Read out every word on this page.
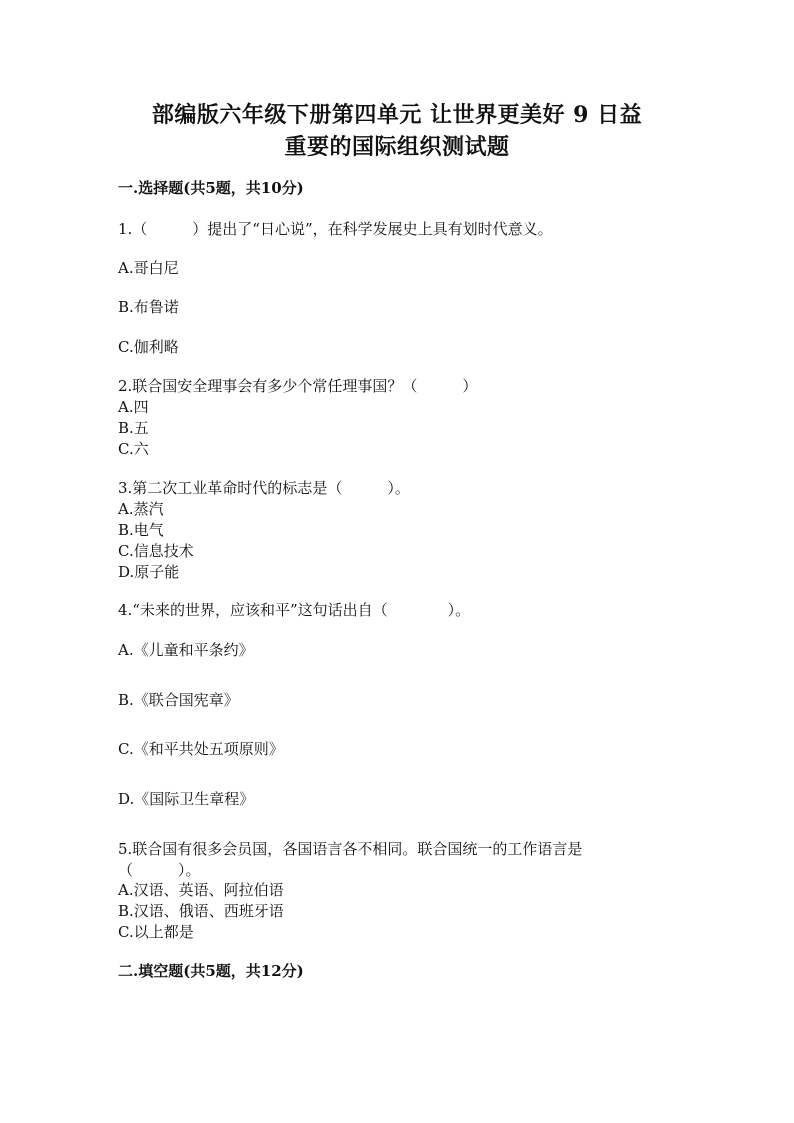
部编版六年级下册第四单元 让世界更美好 9 日益
重要的国际组织测试题
一.选择题(共5题，共10分)
1.（　　　）提出了“日心说”，在科学发展史上具有划时代意义。
A.哥白尼
B.布鲁诺
C.伽利略
2.联合国安全理事会有多少个常任理事国？（　　　）
A.四
B.五
C.六
3.第二次工业革命时代的标志是（　　　）。
A.蒸汽
B.电气
C.信息技术
D.原子能
4.“未来的世界，应该和平”这句话出自（　　　　）。
A.《儿童和平条约》
B.《联合国宪章》
C.《和平共处五项原则》
D.《国际卫生章程》
5.联合国有很多会员国，各国语言各不相同。联合国统一的工作语言是
（　　　）。
A.汉语、英语、阿拉伯语
B.汉语、俄语、西班牙语
C.以上都是
二.填空题(共5题，共12分)
